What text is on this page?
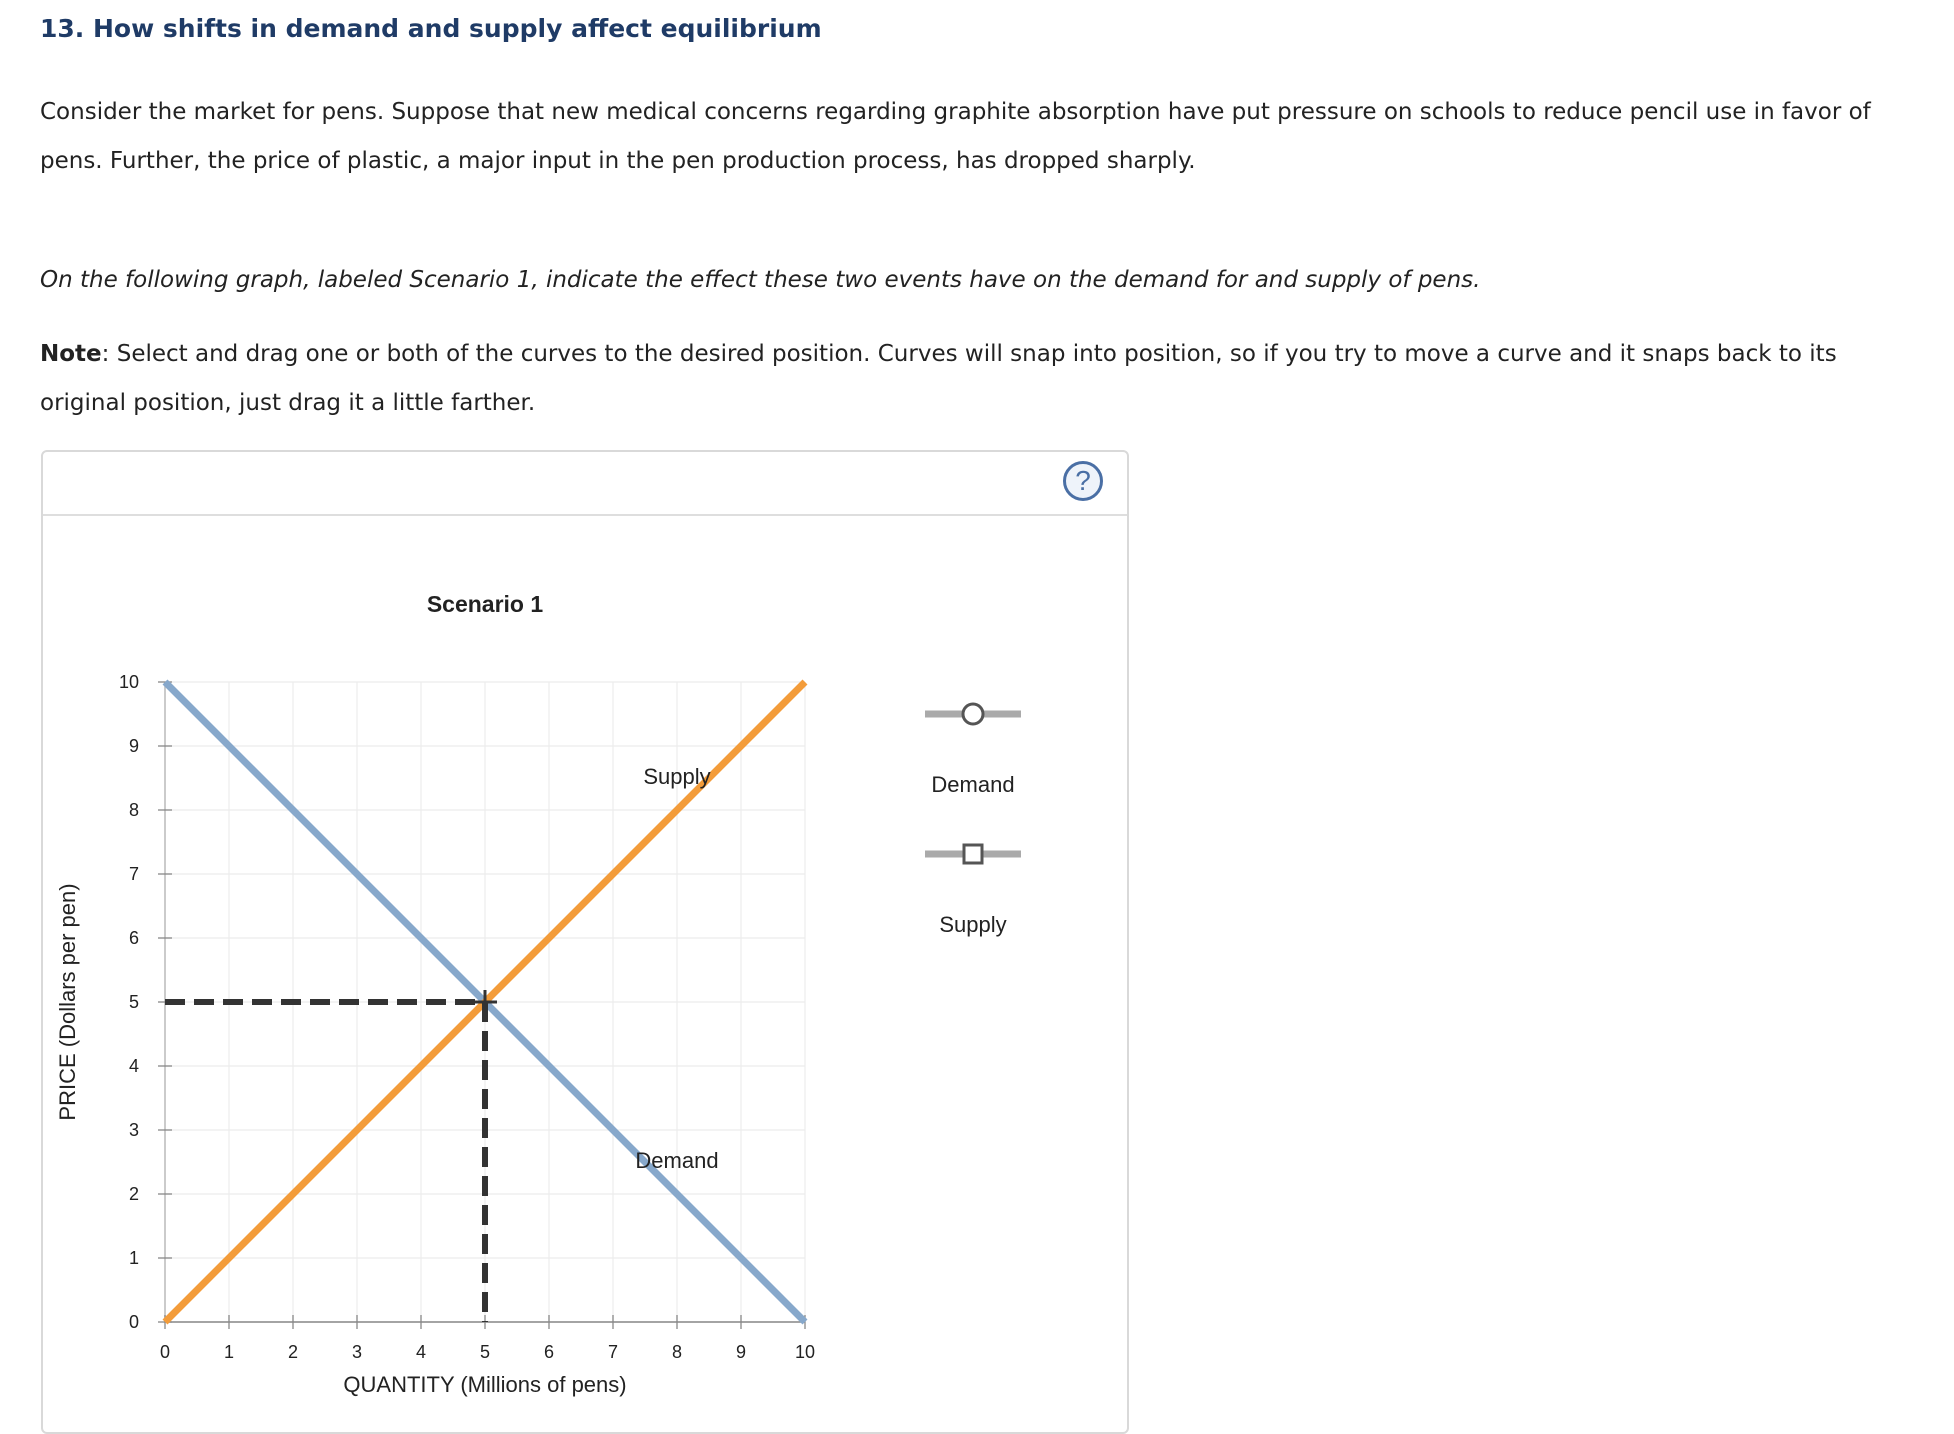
13. How shifts in demand and supply affect equilibrium
Consider the market for pens. Suppose that new medical concerns regarding graphite absorption have put pressure on schools to reduce pencil use in favor of pens. Further, the price of plastic, a major input in the pen production process, has dropped sharply.
On the following graph, labeled Scenario 1, indicate the effect these two events have on the demand for and supply of pens.
Note: Select and drag one or both of the curves to the desired position. Curves will snap into position, so if you try to move a curve and it snaps back to its original position, just drag it a little farther.
?
0	1	2	3	4	5	6	7	8	9	10
0
1
2
3
4
5
6
7
8
9
10
QUANTITY (Millions of pens)
PRICE (Dollars per pen)
Scenario 1
Demand
Supply	Demand
Supply
